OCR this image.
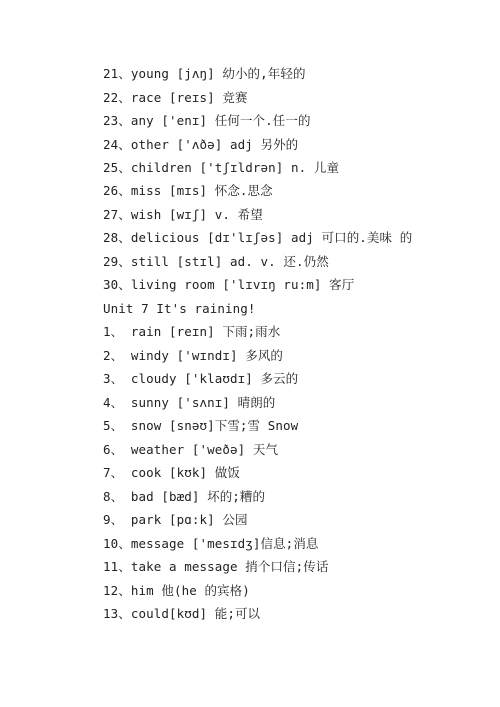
21、young [jʌŋ] 幼小的,年轻的
22、race [reɪs] 竞赛
23、any ['enɪ] 任何一个.任一的
24、other ['ʌðə] adj 另外的
25、children ['tʃɪldrən] n. 儿童
26、miss [mɪs] 怀念.思念
27、wish [wɪʃ] v. 希望
28、delicious [dɪ'lɪʃəs] adj 可口的.美味 的
29、still [stɪl] ad. v. 还.仍然
30、living room ['lɪvɪŋ ru:m] 客厅
Unit 7 It's raining!
1、 rain [reɪn] 下雨;雨水
2、 windy ['wɪndɪ] 多风的
3、 cloudy ['klaʊdɪ] 多云的
4、 sunny ['sʌnɪ] 晴朗的
5、 snow [snəʊ]下雪;雪 Snow
6、 weather ['weðə] 天气
7、 cook [kʊk] 做饭
8、 bad [bæd] 坏的;糟的
9、 park [pɑ:k] 公园
10、message ['mesɪdʒ]信息;消息
11、take a message 捎个口信;传话
12、him 他(he 的宾格)
13、could[kʊd] 能;可以
